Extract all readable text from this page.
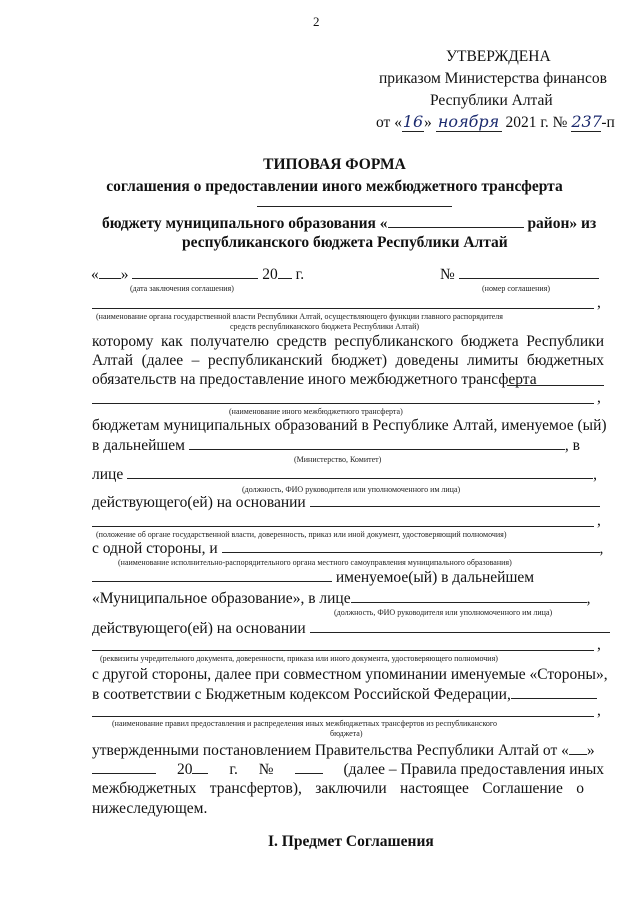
2
УТВЕРЖДЕНА
приказом Министерства финансов
Республики Алтай
от «16» ноября 2021 г. № 237-п
ТИПОВАЯ ФОРМА
соглашения о предоставлении иного межбюджетного трансферта
бюджету муниципального образования «	район» из
республиканского бюджета Республики Алтай
« »	20 г.	№
(дата заключения соглашения)	(номер соглашения)
,
(наименование органа государственной власти Республики Алтай, осуществляющего функции главного распорядителя
средств республиканского бюджета Республики Алтай)
которому как получателю средств республиканского бюджета Республики
Алтай (далее – республиканский бюджет) доведены лимиты бюджетных
обязательств на предоставление иного межбюджетного трансферта
,
(наименование иного межбюджетного трансферта)
бюджетам муниципальных образований в Республике Алтай, именуемое (ый)
в дальнейшем	, в
(Министерство, Комитет)
лице	,
(должность, ФИО руководителя или уполномоченного им лица)
действующего(ей) на основании
,
(положение об органе государственной власти, доверенность, приказ или иной документ, удостоверяющий полномочия)
с одной стороны, и	,
(наименование исполнительно-распорядительного органа местного самоуправления муниципального образования)
именуемое(ый) в дальнейшем
«Муниципальное образование», в лице	,
(должность, ФИО руководителя или уполномоченного им лица)
действующего(ей) на основании
,
(реквизиты учредительного документа, доверенности, приказа или иного документа, удостоверяющего полномочия)
с другой стороны, далее при совместном упоминании именуемые «Стороны»,
в соответствии с Бюджетным кодексом Российской Федерации,
,
(наименование правил предоставления и распределения иных межбюджетных трансфертов из республиканского
бюджета)
утвержденными постановлением Правительства Республики Алтай от « »
20	г. №	(далее – Правила предоставления иных
межбюджетных трансфертов), заключили настоящее Соглашение о
нижеследующем.
I. Предмет Соглашения
